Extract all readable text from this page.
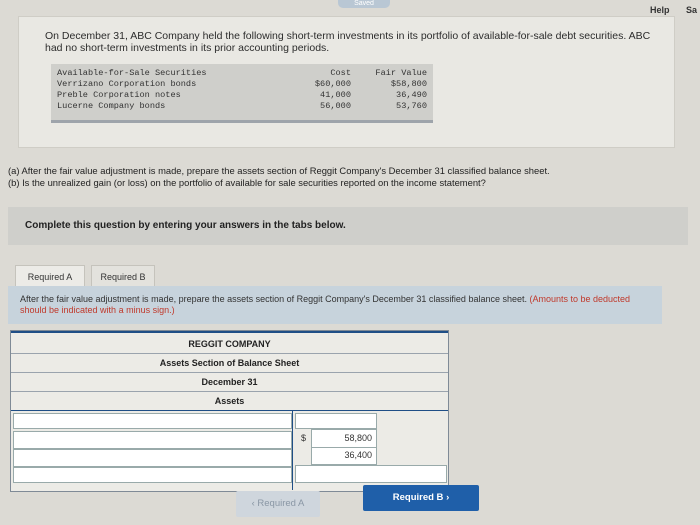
Saved
Help Sa
On December 31, ABC Company held the following short-term investments in its portfolio of available-for-sale debt securities. ABC had no short-term investments in its prior accounting periods.
Available-for-Sale Securities	Cost	Fair Value
Verrizano Corporation bonds	$60,000	$58,800
Preble Corporation notes	41,000	36,490
Lucerne Company bonds	56,000	53,760
(a) After the fair value adjustment is made, prepare the assets section of Reggit Company's December 31 classified balance sheet.
(b) Is the unrealized gain (or loss) on the portfolio of available for sale securities reported on the income statement?
Complete this question by entering your answers in the tabs below.
Required A	Required B
After the fair value adjustment is made, prepare the assets section of Reggit Company's December 31 classified balance sheet. (Amounts to be deducted should be indicated with a minus sign.)
REGGIT COMPANY
Assets Section of Balance Sheet
December 31
Assets
$	58,800
36,400
‹ Required A
Required B ›
